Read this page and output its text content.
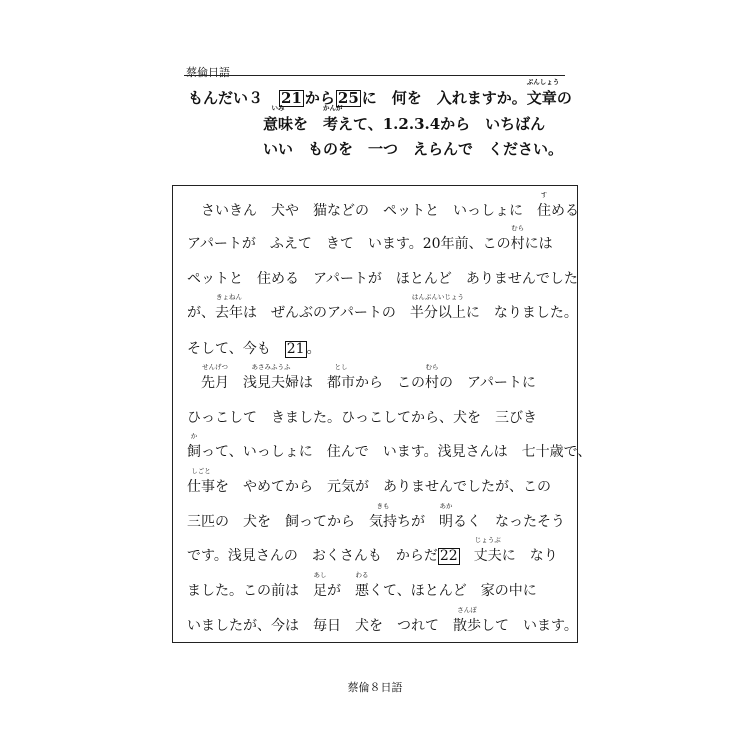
蔡倫日語
もんだい３　21 から 25 に　何を　入れますか。
ぶんしょう
文章の
いみ
意味を　
かんが
考えて、1.2.3.4から　いちばん
いい　ものを　一つ　えらんで　ください。
さいきん　犬や　猫などの　ペットと　いっしょに　
す
住める
アパートが　ふえて　きて　います。20年前、この
むら
村には
ペットと　住める　アパートが　ほとんど　ありませんでした
が、
きょねん
去年は　ぜんぶのアパートの　
はんぶんいじょう
半分以上に　なりました。
そして、今も　21 。
せんげつ
先月　
あさみふうふ
浅見夫婦は　
とし
都市から　この
むら
村の　アパートに
ひっこして　きました。ひっこしてから、犬を　三びき
か
飼って、いっしょに　住んで　います。浅見さんは　七十歳で、
しごと
仕事を　やめてから　元気が　ありませんでしたが、この
三匹の　犬を　飼ってから　
きも
気持ちが　
あか
明るく　なったそう
です。浅見さんの　おくさんも　からだ 22　
じょうぶ
丈夫に　なり
ました。この前は　
あし
足が　
わる
悪くて、ほとんど　家の中に
いましたが、今は　毎日　犬を　つれて　
さんぽ
散歩して　います。
蔡倫８日語
